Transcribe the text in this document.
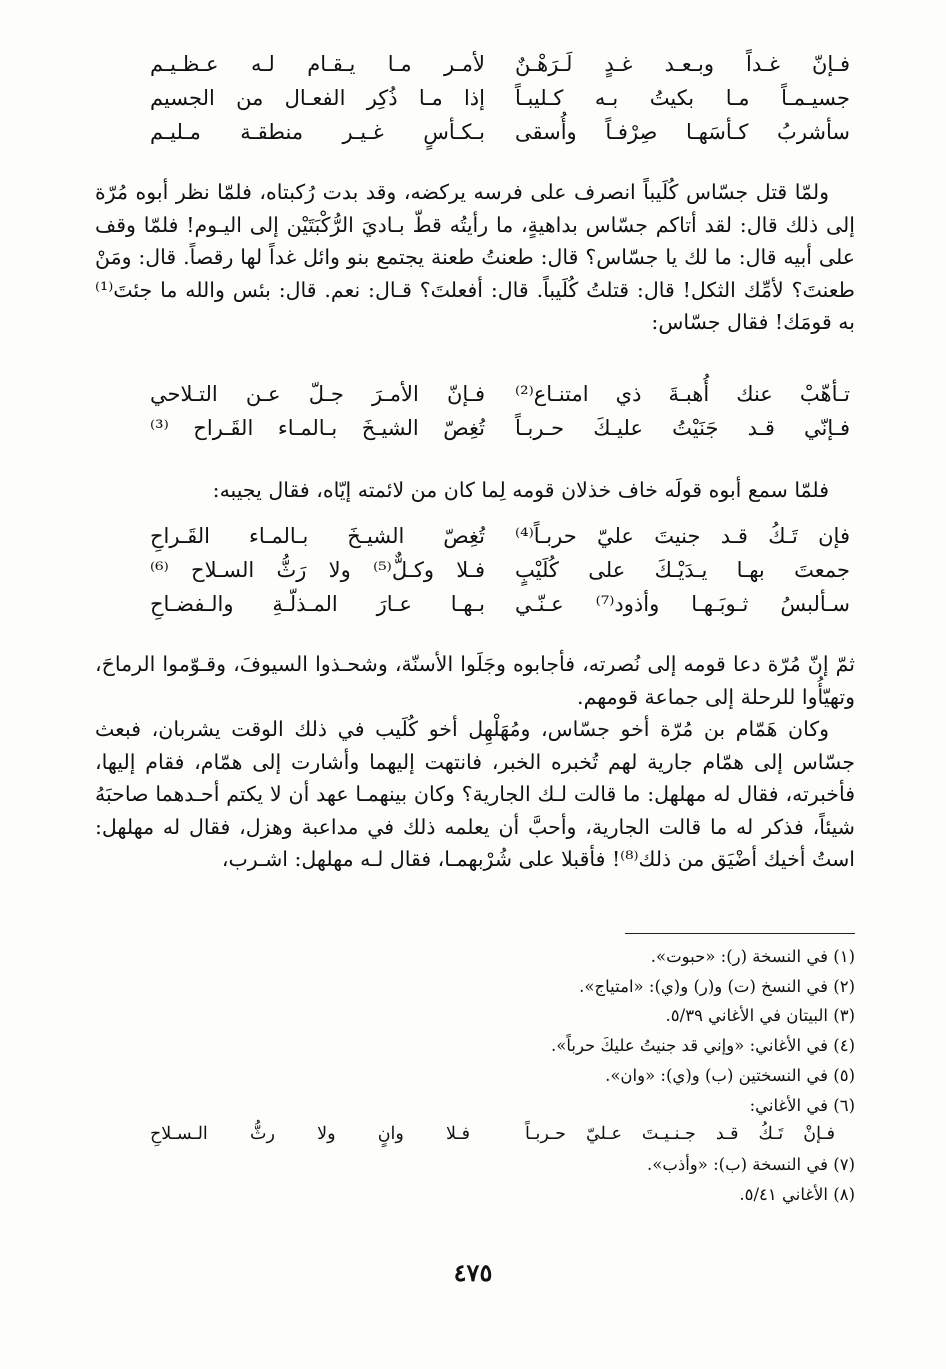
فـإنّ غـداً وبـعـد غـدٍ لَـرَهْـنٌ
لأمـر مـا يـقـام لـه عـظـيـم
جسيـمـاً مـا بكيتُ بـه كـليبـاً
إذا مـا ذُكِر الفعـال من الجسيم
سأشربُ كـأسَهـا صِرْفـاً وأُسقى
بـكـأسٍ غـيـر منطقـة مـليـم

ولمّا قتل جسّاس كُلَيباً انصرف على فرسه يركضه، وقد بدت رُكبتاه، فلمّا نظر أبوه مُرّة إلى ذلك قال: لقد أتاكم جسّاس بداهيةٍ، ما رأيتُه قطّ بـاديَ الرُّكْبَتَيْن إلى اليـوم! فلمّا وقف على أبيه قال: ما لك يا جسّاس؟ قال: طعنتُ طعنة يجتمع بنو وائل غداً لها رقصاً. قال: ومَنْ طعنتَ؟ لأمِّك الثكل! قال: قتلتُ كُلَيباً. قال: أفعلتَ؟ قـال: نعم. قال: بئس والله ما جئتَ⁽¹⁾ به قومَك! فقال جسّاس:

تـأهّبْ عنك أُهبـةَ ذي امتنـاع⁽²⁾
فـإنّ الأمـرَ جـلّ عـن التـلاحي
فـإنّي قـد جَنَيْتُ عليـكَ حـربـاً
تُغِصّ الشيـخَ بـالمـاء القَـراح ⁽³⁾

فلمّا سمع أبوه قولَه خاف خذلان قومه لِما كان من لائمته إيّاه، فقال يجيبه:

فإن تَـكُ قـد جنيتَ عليّ حربـاً⁽⁴⁾
تُغِصّ الشيـخَ بـالمـاء القَـراحِ
جمعتَ بهـا يـدَيْـكَ على كُلَيْبٍ
فـلا وكـلٌّ⁽⁵⁾ ولا رَثُّ السـلاح ⁽⁶⁾
سـألبسُ ثـوبَـهـا وأذود⁽⁷⁾ عـنّـي
بـهـا عـارَ المـذلّـةِ والـفضـاحِ

ثمّ إنّ مُرّة دعا قومه إلى نُصرته، فأجابوه وجَلَوا الأسنّة، وشحـذوا السيوفَ، وقـوّموا الرماحَ، وتهيّأُوا للرحلة إلى جماعة قومهم.

وكان هَمّام بن مُرّة أخو جسّاس، ومُهَلْهِل أخو كُلَيب في ذلك الوقت يشربان، فبعث جسّاس إلى همّام جارية لهم تُخبره الخبر، فانتهت إليهما وأشارت إلى همّام، فقام إليها، فأخبرته، فقال له مهلهل: ما قالت لـك الجارية؟ وكان بينهمـا عهد أن لا يكتم أحـدهما صاحبَهُ شيئاً، فذكر له ما قالت الجارية، وأحبَّ أن يعلمه ذلك في مداعبة وهزل، فقال له مهلهل: استُ أخيك أضْيَق من ذلك⁽⁸⁾! فأقبلا على شُرْبهمـا، فقال لـه مهلهل: اشـرب،

(١) في النسخة (ر): «حبوت».
(٢) في النسخ (ت) و(ر) و(ي): «امتياج».
(٣) البيتان في الأغاني ٥/٣٩.
(٤) في الأغاني: «وإني قد جنيتُ عليكَ حرباً».
(٥) في النسختين (ب) و(ي): «وان».
(٦) في الأغاني:
فـإنْ تَـكُ قـد جـنـيـتَ عـليّ حـربـاً
فـلا وانٍ ولا رثُّ الـسـلاحِ
(٧) في النسخة (ب): «وأذب».
(٨) الأغاني ٥/٤١.
٤٧٥
